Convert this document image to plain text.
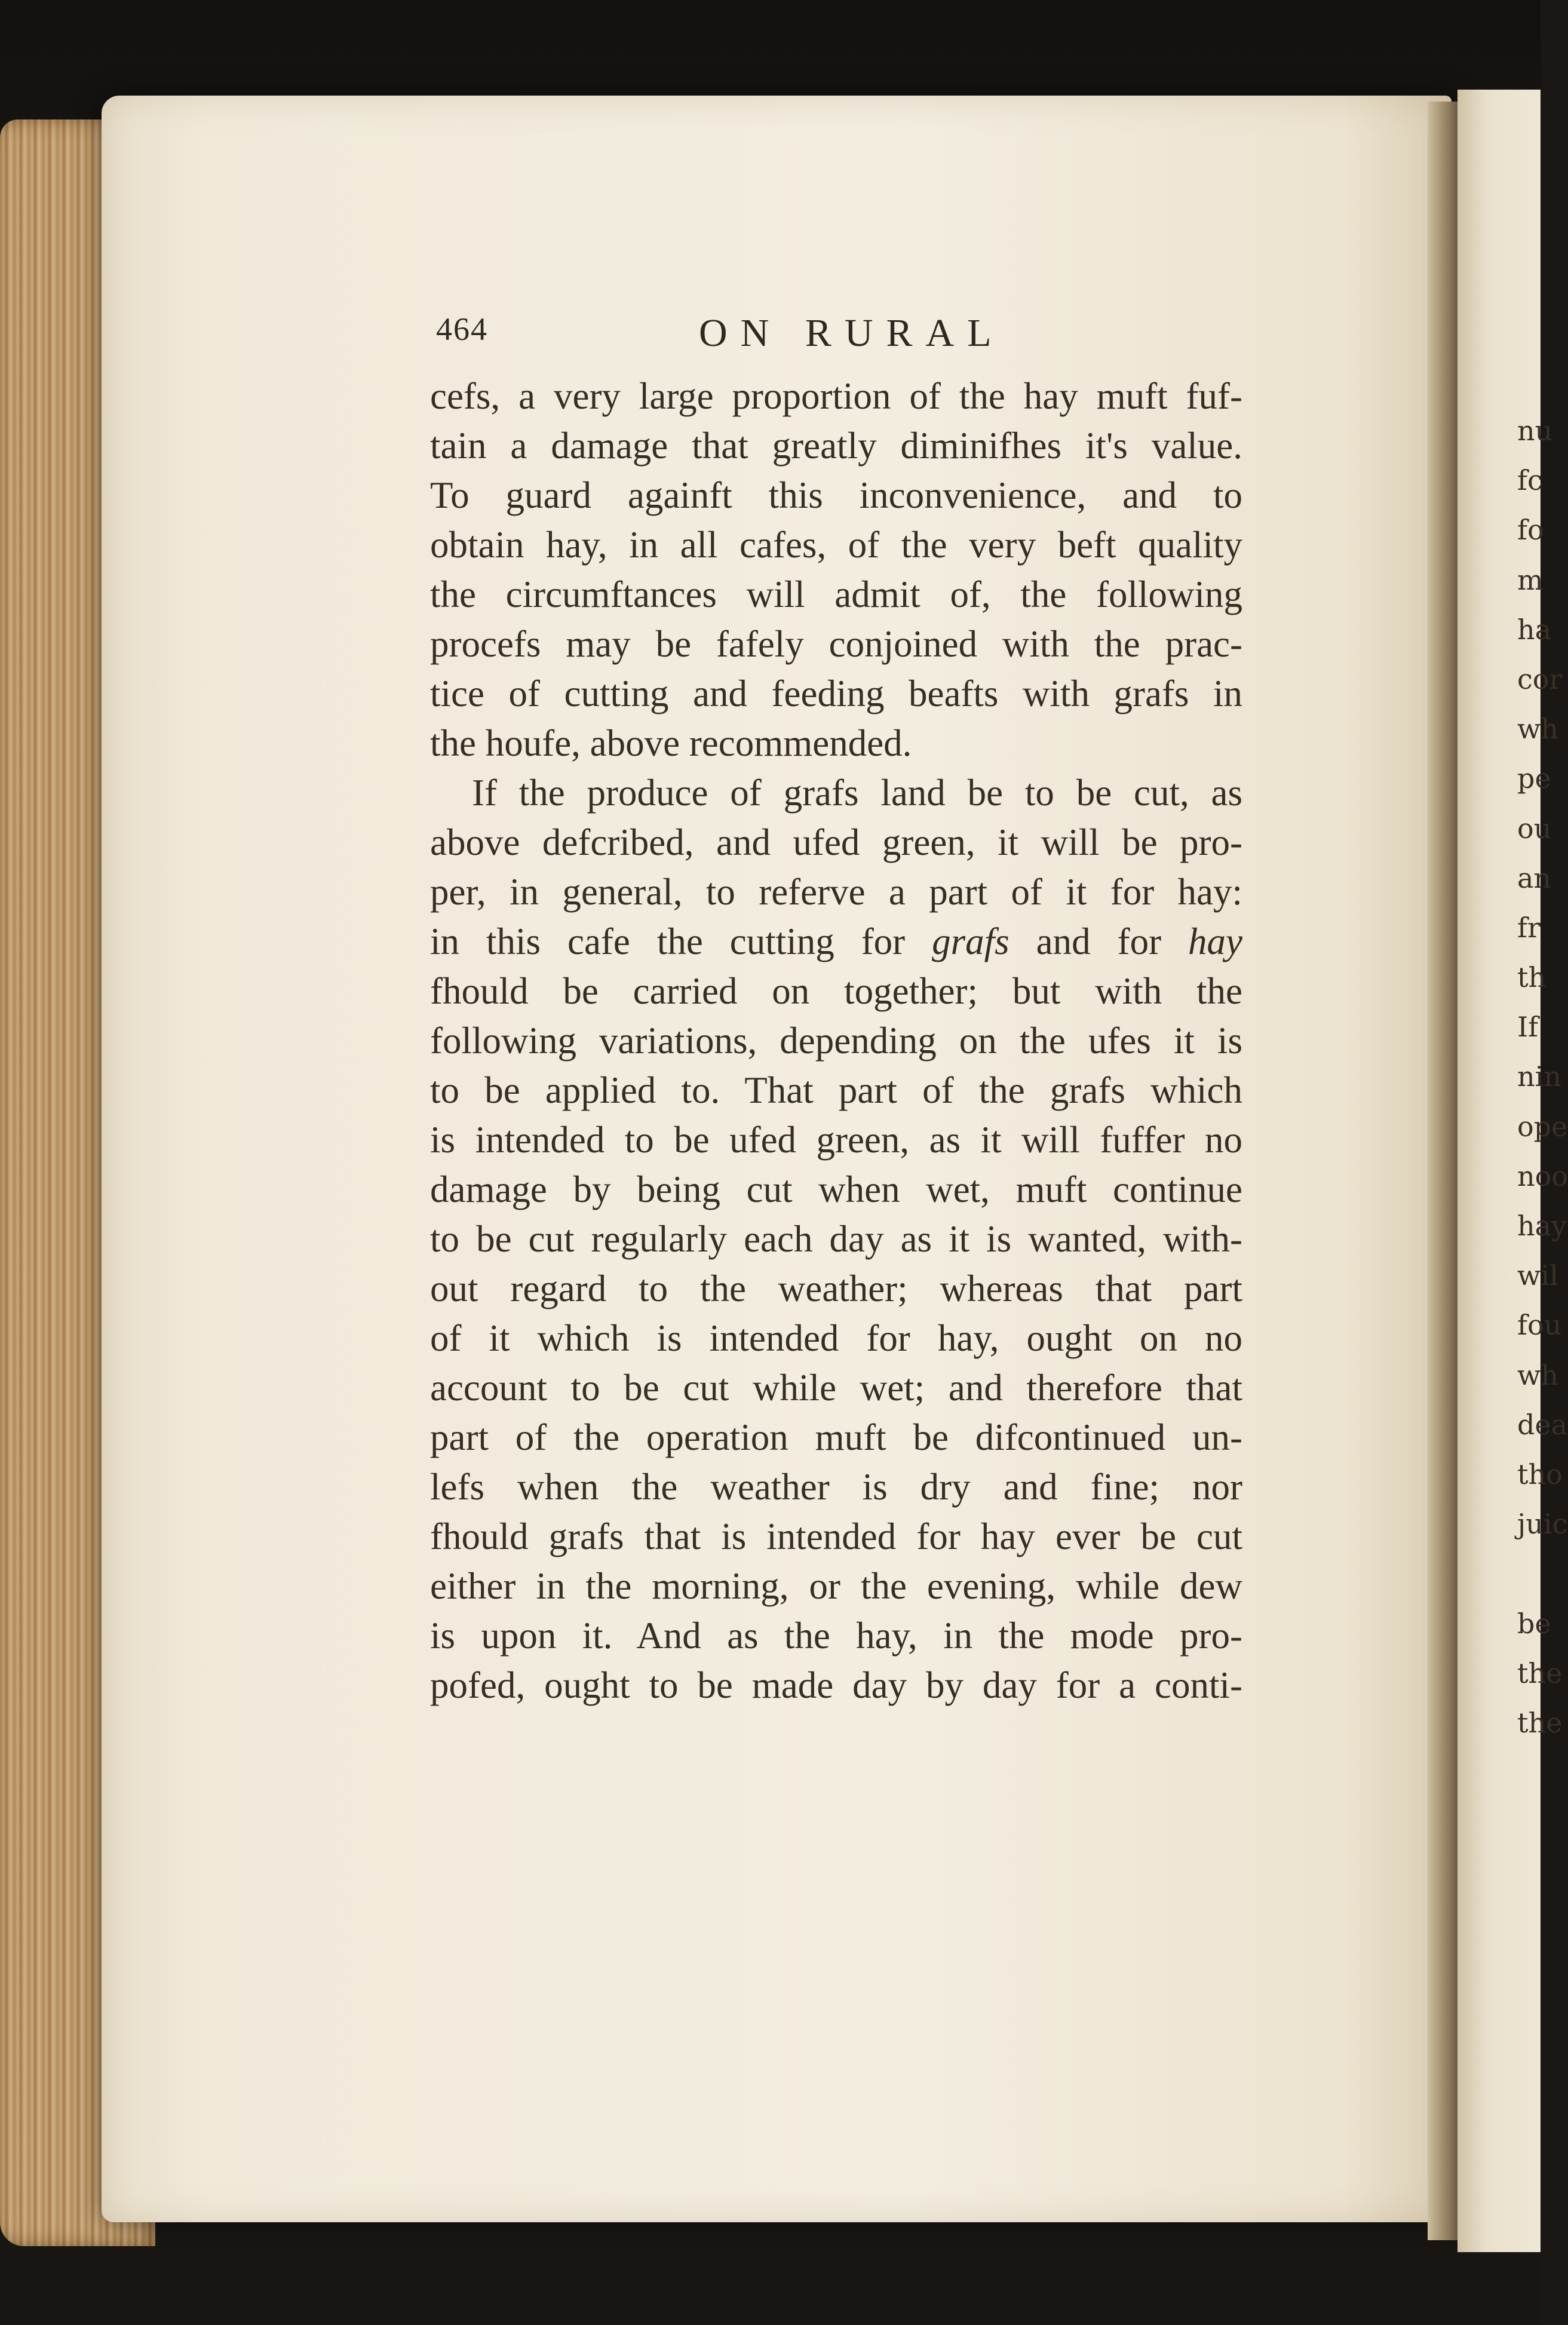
nu
fc
fo
m
ha
cor
wh
pe
ou
an
fr
th
If
nin
ope
noo
hay
wil
fou
wh
dea
tho
juic
be
the
the
464	ON RURAL
cefs, a very large proportion of the hay muft fuf-
tain a damage that greatly diminifhes it's value.
To guard againft this inconvenience, and to
obtain hay, in all cafes, of the very beft quality
the circumftances will admit of, the following
procefs may be fafely conjoined with the prac-
tice of cutting and feeding beafts with grafs in
the houfe, above recommended.
If the produce of grafs land be to be cut, as
above defcribed, and ufed green, it will be pro-
per, in general, to referve a part of it for hay:
in this cafe the cutting for grafs and for hay
fhould be carried on together; but with the
following variations, depending on the ufes it is
to be applied to. That part of the grafs which
is intended to be ufed green, as it will fuffer no
damage by being cut when wet, muft continue
to be cut regularly each day as it is wanted, with-
out regard to the weather; whereas that part
of it which is intended for hay, ought on no
account to be cut while wet; and therefore that
part of the operation muft be difcontinued un-
lefs when the weather is dry and fine; nor
fhould grafs that is intended for hay ever be cut
either in the morning, or the evening, while dew
is upon it. And as the hay, in the mode pro-
pofed, ought to be made day by day for a conti-
